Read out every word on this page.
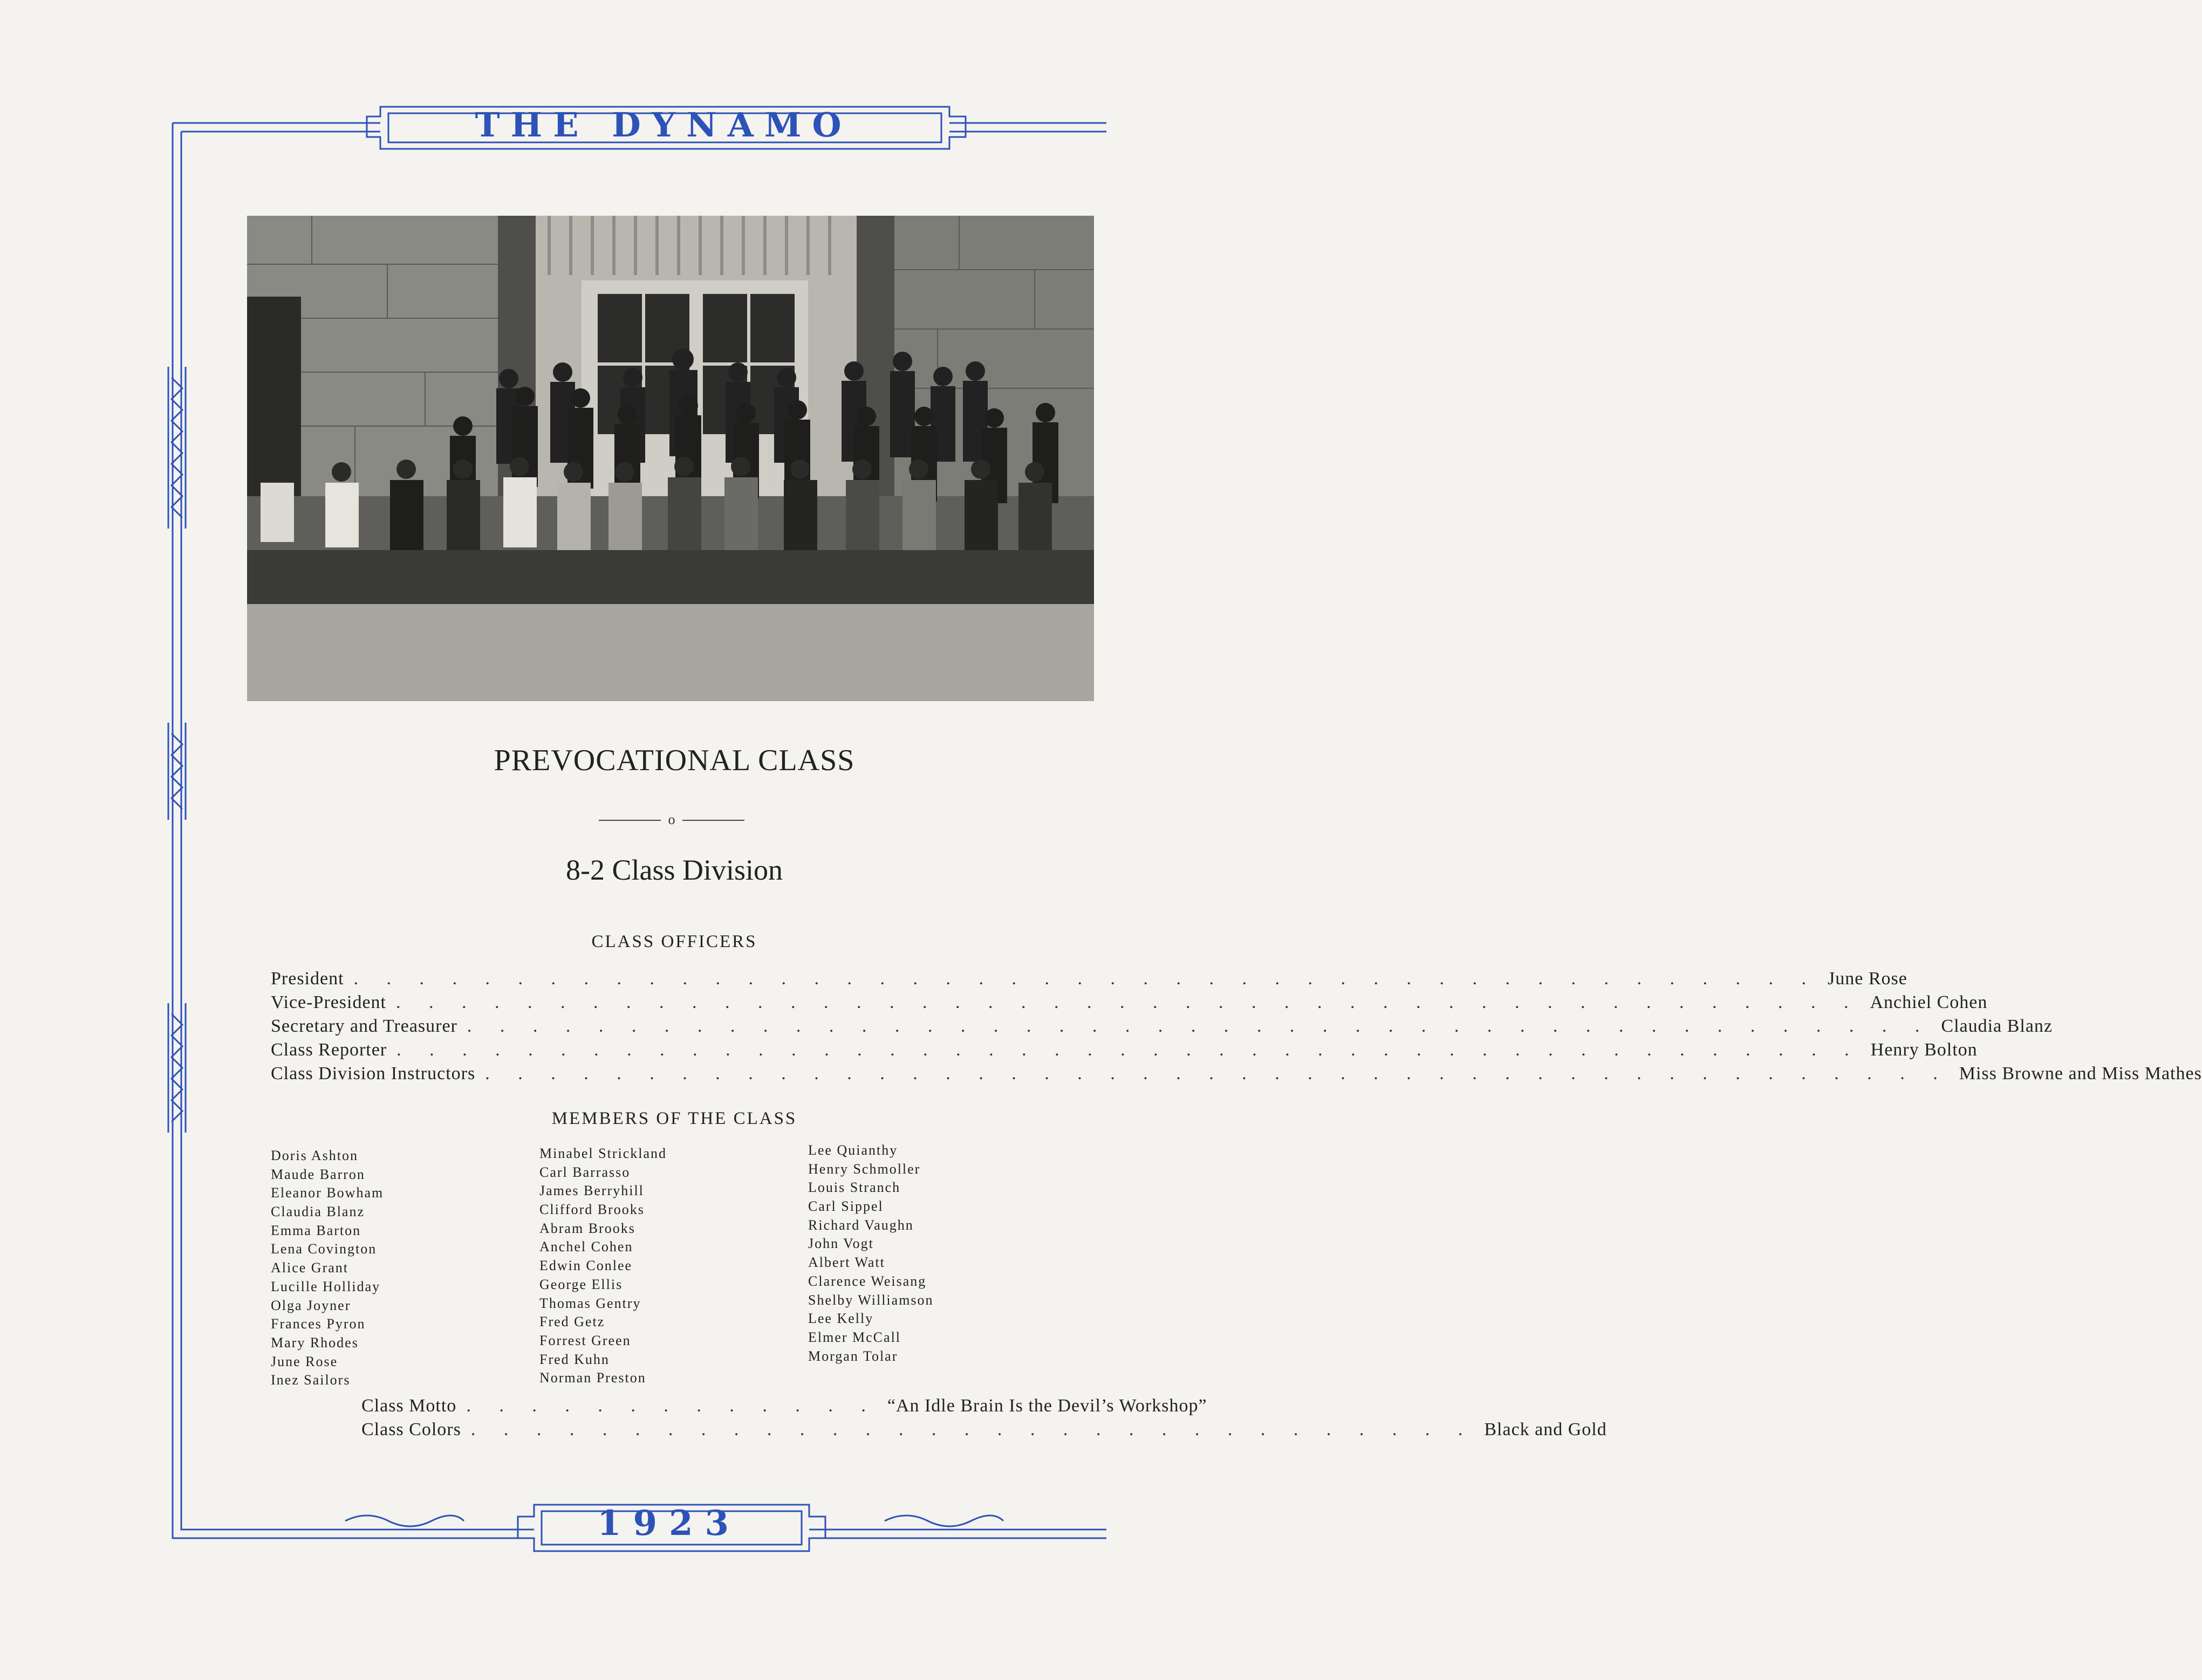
THE DYNAMO
PREVOCATIONAL CLASS
o
8-2 Class Division
CLASS OFFICERS
President . . . . . . . . . . . . . . . . . . . . . . . . . . . . . . . . . . . . . . . . . . . . . June Rose
Vice-President . . . . . . . . . . . . . . . . . . . . . . . . . . . . . . . . . . . . . . . . . . . . . Anchiel Cohen
Secretary and Treasurer . . . . . . . . . . . . . . . . . . . . . . . . . . . . . . . . . . . . . . . . . . . . . Claudia Blanz
Class Reporter . . . . . . . . . . . . . . . . . . . . . . . . . . . . . . . . . . . . . . . . . . . . . Henry Bolton
Class Division Instructors . . . . . . . . . . . . . . . . . . . . . . . . . . . . . . . . . . . . . . . . . . . . . Miss Browne and Miss Mathes
MEMBERS OF THE CLASS
Doris Ashton
Maude Barron
Eleanor Bowham
Claudia Blanz
Emma Barton
Lena Covington
Alice Grant
Lucille Holliday
Olga Joyner
Frances Pyron
Mary Rhodes
June Rose
Inez Sailors
Minabel Strickland
Carl Barrasso
James Berryhill
Clifford Brooks
Abram Brooks
Anchel Cohen
Edwin Conlee
George Ellis
Thomas Gentry
Fred Getz
Forrest Green
Fred Kuhn
Norman Preston
Lee Quianthy
Henry Schmoller
Louis Stranch
Carl Sippel
Richard Vaughn
John Vogt
Albert Watt
Clarence Weisang
Shelby Williamson
Lee Kelly
Elmer McCall
Morgan Tolar
Class Motto . . . . . . . . . . . . . “An Idle Brain Is the Devil’s Workshop”
Class Colors . . . . . . . . . . . . . . . . . . . . . . . . . . . . . . . Black and Gold
1923
